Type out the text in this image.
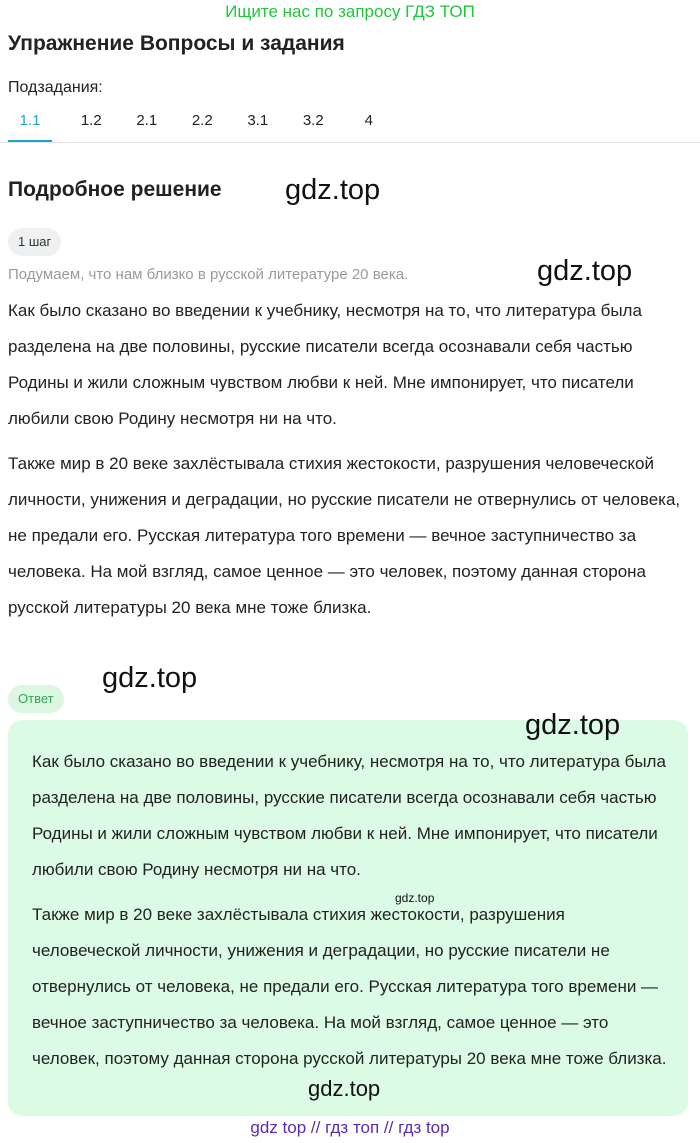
Ищите нас по запросу ГДЗ ТОП
Упражнение Вопросы и задания
Подзадания:
1.1	1.2	2.1	2.2	3.1	3.2	4
Подробное решение gdz.top
1 шаг
Подумаем, что нам близко в русской литературе 20 века.	gdz.top
Как было сказано во введении к учебнику, несмотря на то, что литература была разделена на две половины, русские писатели всегда осознавали себя частью Родины и жили сложным чувством любви к ней. Мне импонирует, что писатели любили свою Родину несмотря ни на что.
Также мир в 20 веке захлёстывала стихия жестокости, разрушения человеческой личности, унижения и деградации, но русские писатели не отвернулись от человека, не предали его. Русская литература того времени — вечное заступничество за человека. На мой взгляд, самое ценное — это человек, поэтому данная сторона русской литературы 20 века мне тоже близка.
gdz.top
Ответ
gdz.top
Как было сказано во введении к учебнику, несмотря на то, что литература была разделена на две половины, русские писатели всегда осознавали себя частью Родины и жили сложным чувством любви к ней. Мне импонирует, что писатели любили свою Родину несмотря ни на что.
gdz.top
Также мир в 20 веке захлёстывала стихия жестокости, разрушения человеческой личности, унижения и деградации, но русские писатели не отвернулись от человека, не предали его. Русская литература того времени — вечное заступничество за человека. На мой взгляд, самое ценное — это человек, поэтому данная сторона русской литературы 20 века мне тоже близка.
gdz.top
gdz top // гдз топ // гдз top
